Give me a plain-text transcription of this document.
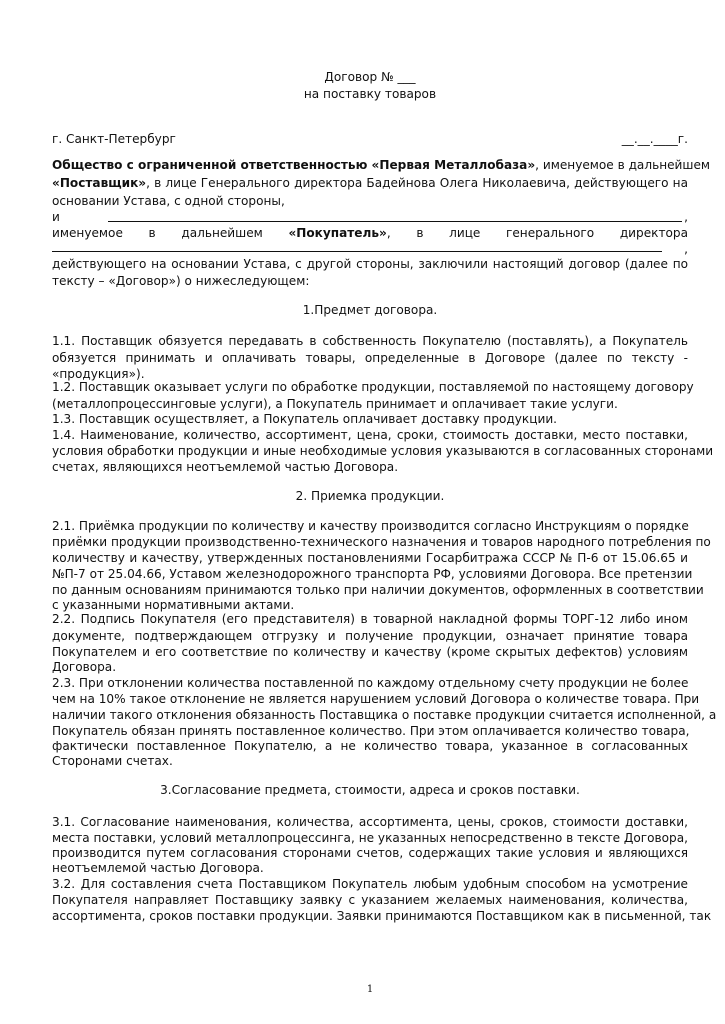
Договор № ___
на поставку товаров
г. Санкт-Петербург	__.__.____г.
Общество с ограниченной ответственностью «Первая Металлобаза», именуемое в дальнейшем
«Поставщик», в лице Генерального директора Бадейнова Олега Николаевича, действующего на
основании Устава, с одной стороны,
и	,
именуемое в дальнейшем «Покупатель», в лице генерального директора
,
действующего на основании Устава, с другой стороны, заключили настоящий договор (далее по
тексту – «Договор») о нижеследующем:
1.Предмет договора.
1.1. Поставщик обязуется передавать в собственность Покупателю (поставлять), а Покупатель
обязуется принимать и оплачивать товары, определенные в Договоре (далее по тексту -
«продукция»).
1.2. Поставщик оказывает услуги по обработке продукции, поставляемой по настоящему договору
(металлопроцессинговые услуги), а Покупатель принимает и оплачивает такие услуги.
1.3. Поставщик осуществляет, а Покупатель оплачивает доставку продукции.
1.4. Наименование, количество, ассортимент, цена, сроки, стоимость доставки, место поставки,
условия обработки продукции и иные необходимые условия указываются в согласованных сторонами
счетах, являющихся неотъемлемой частью Договора.
2. Приемка продукции.
2.1. Приёмка продукции по количеству и качеству производится согласно Инструкциям о порядке
приёмки продукции производственно-технического назначения и товаров народного потребления по
количеству и качеству, утвержденных постановлениями Госарбитража СССР № П-6 от 15.06.65 и
№П-7 от 25.04.66, Уставом железнодорожного транспорта РФ, условиями Договора. Все претензии
по данным основаниям принимаются только при наличии документов, оформленных в соответствии
с указанными нормативными актами.
2.2. Подпись Покупателя (его представителя) в товарной накладной формы ТОРГ-12 либо ином
документе, подтверждающем отгрузку и получение продукции, означает принятие товара
Покупателем и его соответствие по количеству и качеству (кроме скрытых дефектов) условиям
Договора.
2.3. При отклонении количества поставленной по каждому отдельному счету продукции не более
чем на 10% такое отклонение не является нарушением условий Договора о количестве товара. При
наличии такого отклонения обязанность Поставщика о поставке продукции считается исполненной, а
Покупатель обязан принять поставленное количество. При этом оплачивается количество товара,
фактически поставленное Покупателю, а не количество товара, указанное в согласованных
Сторонами счетах.
3.Согласование предмета, стоимости, адреса и сроков поставки.
3.1. Согласование наименования, количества, ассортимента, цены, сроков, стоимости доставки,
места поставки, условий металлопроцессинга, не указанных непосредственно в тексте Договора,
производится путем согласования сторонами счетов, содержащих такие условия и являющихся
неотъемлемой частью Договора.
3.2. Для составления счета Поставщиком Покупатель любым удобным способом на усмотрение
Покупателя направляет Поставщику заявку с указанием желаемых наименования, количества,
ассортимента, сроков поставки продукции. Заявки принимаются Поставщиком как в письменной, так
1
